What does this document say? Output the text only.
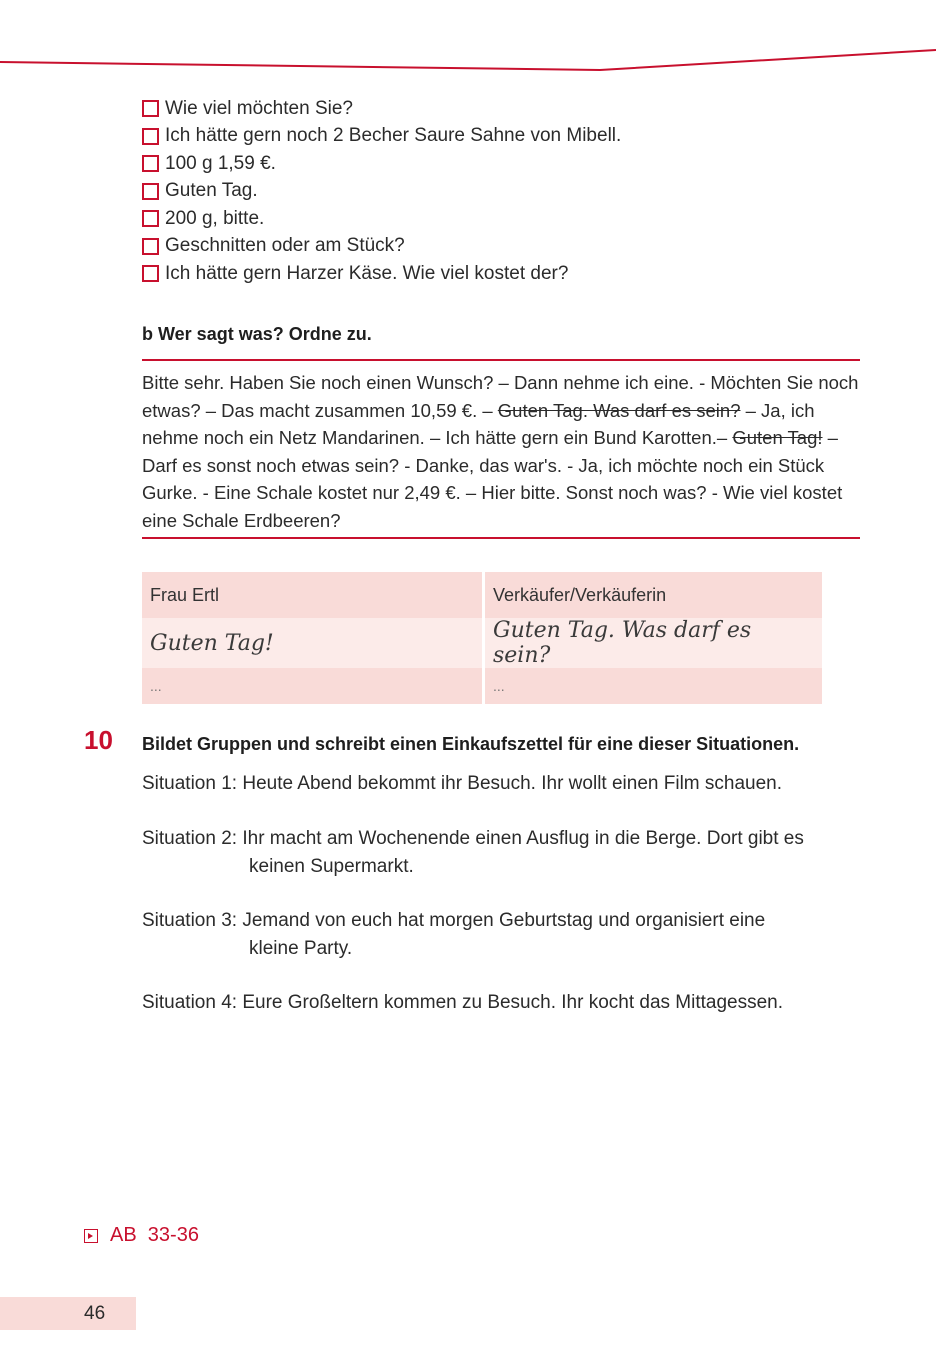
Wie viel möchten Sie?
Ich hätte gern noch 2 Becher Saure Sahne von Mibell.
100 g 1,59 €.
Guten Tag.
200 g, bitte.
Geschnitten oder am Stück?
Ich hätte gern Harzer Käse. Wie viel kostet der?
b Wer sagt was? Ordne zu.
Bitte sehr. Haben Sie noch einen Wunsch? – Dann nehme ich eine. - Möchten Sie noch etwas? – Das macht zusammen 10,59 €. – Guten Tag. Was darf es sein? – Ja, ich nehme noch ein Netz Mandarinen. – Ich hätte gern ein Bund Karotten.– Guten Tag! – Darf es sonst noch etwas sein? - Danke, das war's. - Ja, ich möchte noch ein Stück Gurke. - Eine Schale kostet nur 2,49 €. – Hier bitte. Sonst noch was? - Wie viel kostet eine Schale Erdbeeren?
Frau Ertl	Verkäufer/Verkäuferin
Guten Tag!	Guten Tag. Was darf es sein?
...	...
10 Bildet Gruppen und schreibt einen Einkaufszettel für eine dieser Situationen.
Situation 1: Heute Abend bekommt ihr Besuch. Ihr wollt einen Film schauen.
Situation 2: Ihr macht am Wochenende einen Ausflug in die Berge. Dort gibt es
keinen Supermarkt.
Situation 3: Jemand von euch hat morgen Geburtstag und organisiert eine
kleine Party.
Situation 4: Eure Großeltern kommen zu Besuch. Ihr kocht das Mittagessen.
AB  33-36
46
